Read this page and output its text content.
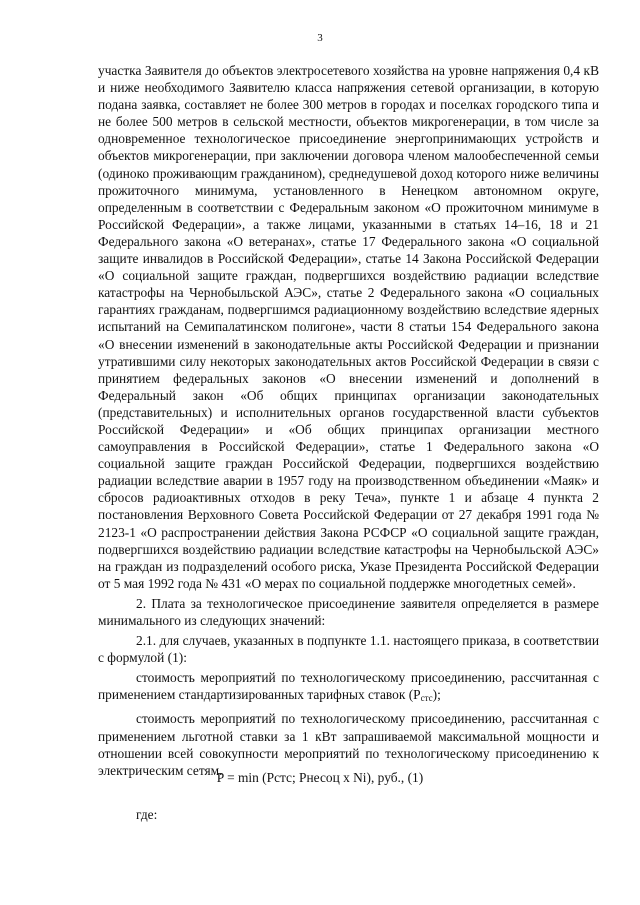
3

участка Заявителя до объектов электросетевого хозяйства на уровне напряжения 0,4 кВ и ниже необходимого Заявителю класса напряжения сетевой организации, в которую подана заявка, составляет не более 300 метров в городах и поселках городского типа и не более 500 метров в сельской местности, объектов микрогенерации, в том числе за одновременное технологическое присоединение энергопринимающих устройств и объектов микрогенерации, при заключении договора членом малообеспеченной семьи (одиноко проживающим гражданином), среднедушевой доход которого ниже величины прожиточного минимума, установленного в Ненецком автономном округе, определенным в соответствии с Федеральным законом «О прожиточном минимуме в Российской Федерации», а также лицами, указанными в статьях 14–16, 18 и 21 Федерального закона «О ветеранах», статье 17 Федерального закона «О социальной защите инвалидов в Российской Федерации», статье 14 Закона Российской Федерации «О социальной защите граждан, подвергшихся воздействию радиации вследствие катастрофы на Чернобыльской АЭС», статье 2 Федерального закона «О социальных гарантиях гражданам, подвергшимся радиационному воздействию вследствие ядерных испытаний на Семипалатинском полигоне», части 8 статьи 154 Федерального закона «О внесении изменений в законодательные акты Российской Федерации и признании утратившими силу некоторых законодательных актов Российской Федерации в связи с принятием федеральных законов «О внесении изменений и дополнений в Федеральный закон «Об общих принципах организации законодательных (представительных) и исполнительных органов государственной власти субъектов Российской Федерации» и «Об общих принципах организации местного самоуправления в Российской Федерации», статье 1 Федерального закона «О социальной защите граждан Российской Федерации, подвергшихся воздействию радиации вследствие аварии в 1957 году на производственном объединении «Маяк» и сбросов радиоактивных отходов в реку Теча», пункте 1 и абзаце 4 пункта 2 постановления Верховного Совета Российской Федерации от 27 декабря 1991 года № 2123-1 «О распространении действия Закона РСФСР «О социальной защите граждан, подвергшихся воздействию радиации вследствие катастрофы на Чернобыльской АЭС» на граждан из подразделений особого риска, Указе Президента Российской Федерации от 5 мая 1992 года № 431 «О мерах по социальной поддержке многодетных семей».

2. Плата за технологическое присоединение заявителя определяется в размере минимального из следующих значений:

2.1. для случаев, указанных в подпункте 1.1. настоящего приказа, в соответствии с формулой (1):

стоимость мероприятий по технологическому присоединению, рассчитанная с применением стандартизированных тарифных ставок $(P_{стс})$;

стоимость мероприятий по технологическому присоединению, рассчитанная с применением льготной ставки за 1 кВт запрашиваемой максимальной мощности и отношении всей совокупности мероприятий по технологическому присоединению к электрическим сетям.

P = min (Pстс; Pнесоц x Ni), руб., (1)
где:
